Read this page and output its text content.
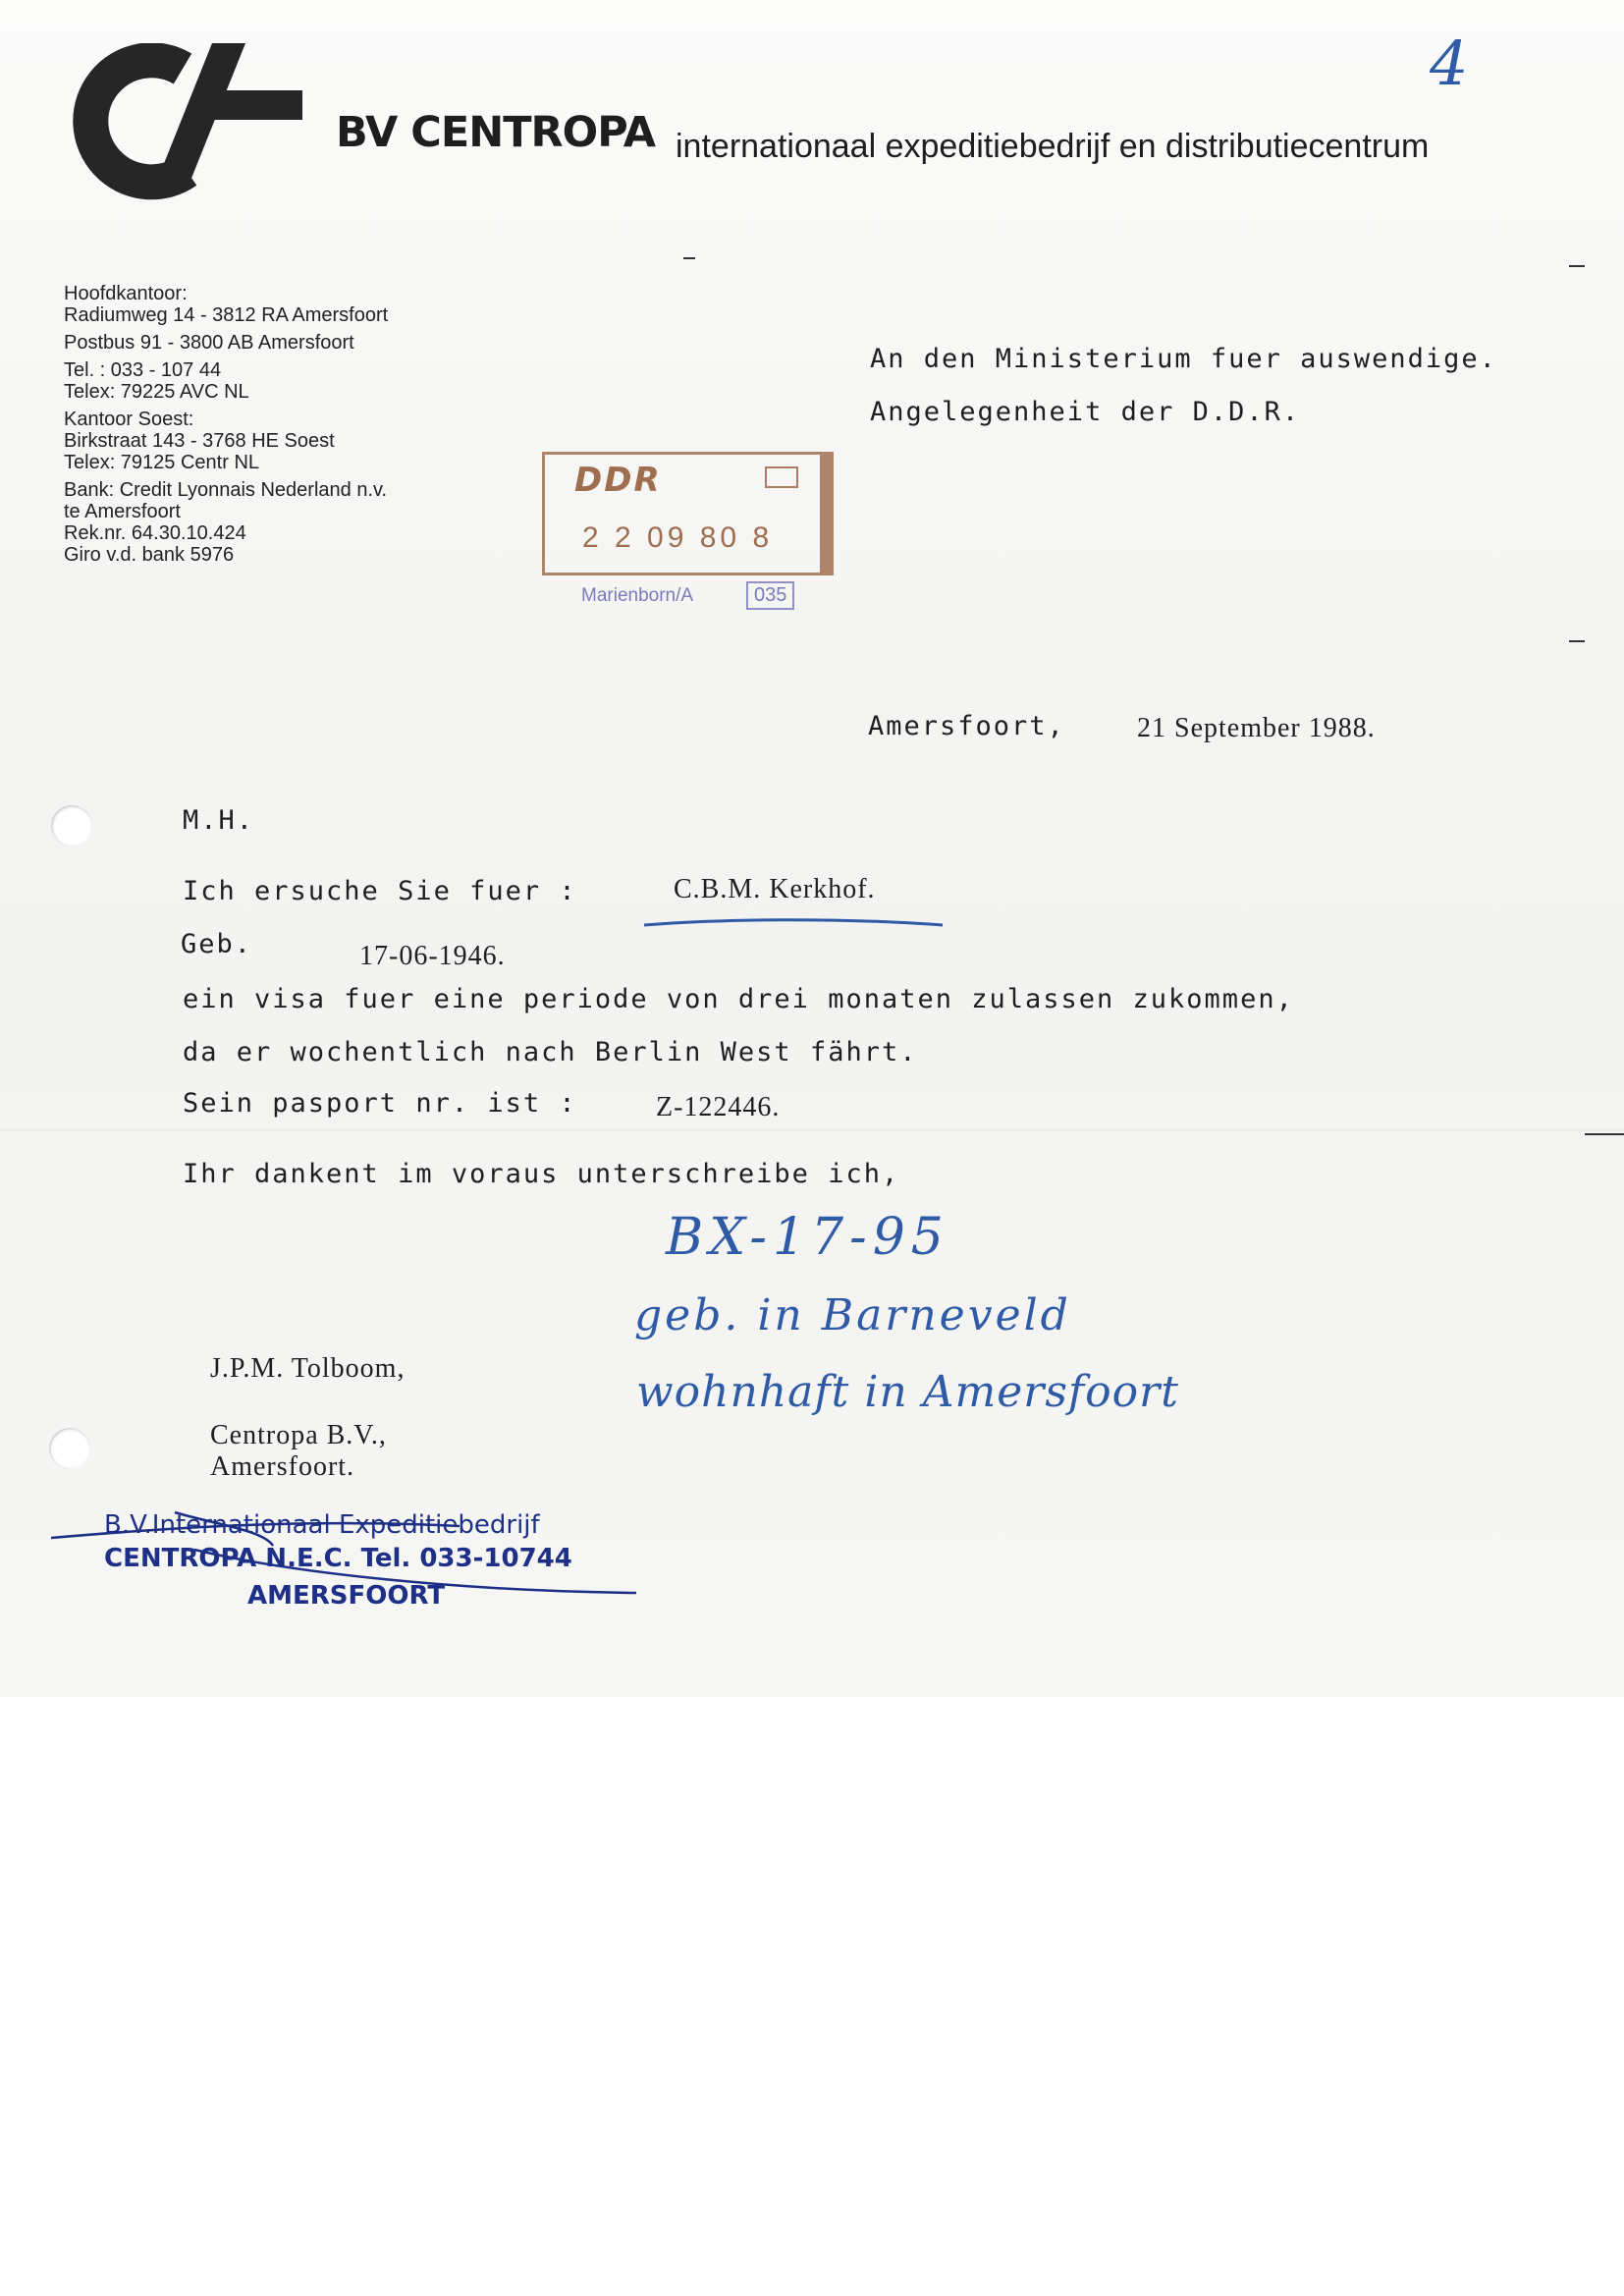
BV CENTROPA internationaal expeditiebedrijf en distributiecentrum
Hoofdkantoor:
Radiumweg 14 - 3812 RA Amersfoort
Postbus 91 - 3800 AB Amersfoort
Tel. : 033 - 107 44
Telex: 79225 AVC NL
Kantoor Soest:
Birkstraat 143 - 3768 HE Soest
Telex: 79125 Centr NL
Bank: Credit Lyonnais Nederland n.v.
te Amersfoort
Rek.nr. 64.30.10.424
Giro v.d. bank 5976
DDR
2 2 09 80 8
Marienborn/A	035
An den Ministerium fuer auswendige.
Angelegenheit der D.D.R.
Amersfoort,	21 September 1988.
M.H.
Ich ersuche Sie fuer :	C.B.M. Kerkhof.
Geb.	17-06-1946.
ein visa fuer eine periode von drei monaten zulassen zukommen,
da er wochentlich nach Berlin West fährt.
Sein pasport nr. ist :	Z-122446.
Ihr dankent im voraus unterschreibe ich,
4
BX-17-95
geb. in Barneveld
wohnhaft in Amersfoort
J.P.M. Tolboom,
Centropa B.V.,
Amersfoort.
B.V.Internationaal Expeditiebedrijf
CENTROPA N.E.C. Tel. 033-10744
AMERSFOORT
